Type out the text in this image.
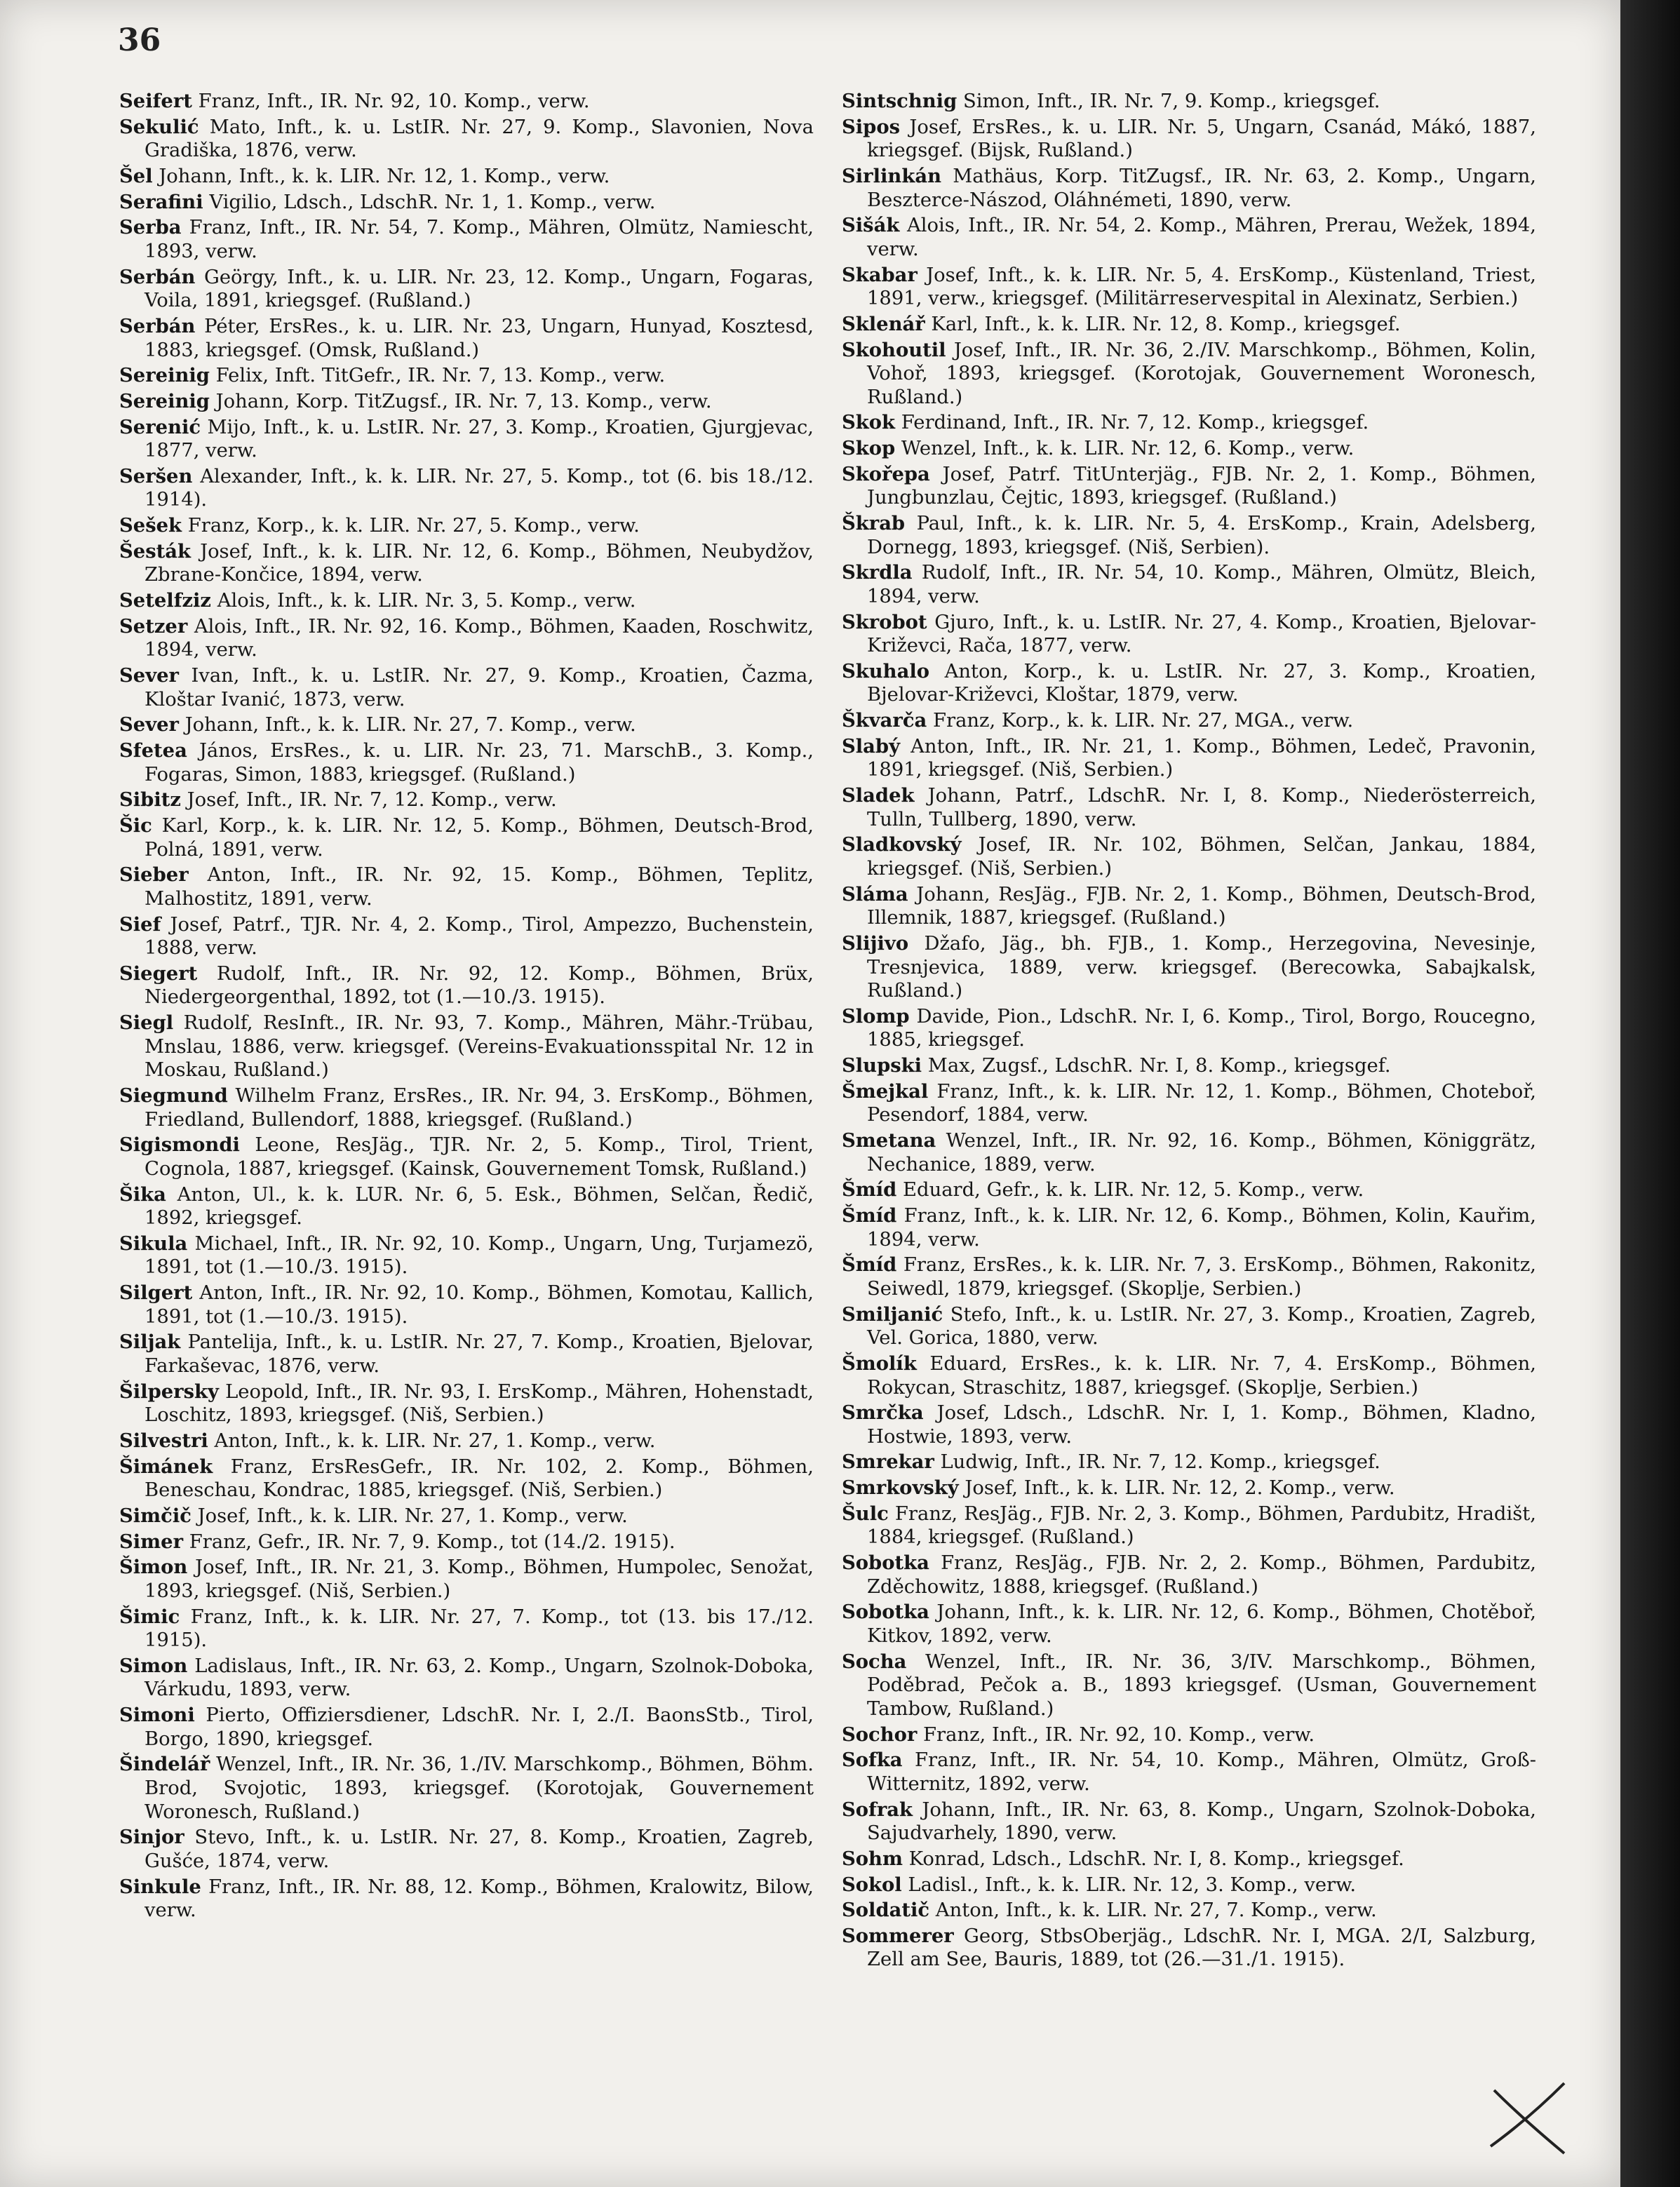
36

Seifert Franz, Inft., IR. Nr. 92, 10. Komp., verw.

Sekulić Mato, Inft., k. u. LstIR. Nr. 27, 9. Komp., Slavonien, Nova Gradiška, 1876, verw.

Šel Johann, Inft., k. k. LIR. Nr. 12, 1. Komp., verw.

Serafini Vigilio, Ldsch., LdschR. Nr. 1, 1. Komp., verw.

Serba Franz, Inft., IR. Nr. 54, 7. Komp., Mähren, Olmütz, Namiescht, 1893, verw.

Serbán Geörgy, Inft., k. u. LIR. Nr. 23, 12. Komp., Ungarn, Fogaras, Voila, 1891, kriegsgef. (Rußland.)

Serbán Péter, ErsRes., k. u. LIR. Nr. 23, Ungarn, Hunyad, Kosztesd, 1883, kriegsgef. (Omsk, Rußland.)

Sereinig Felix, Inft. TitGefr., IR. Nr. 7, 13. Komp., verw.

Sereinig Johann, Korp. TitZugsf., IR. Nr. 7, 13. Komp., verw.

Serenić Mijo, Inft., k. u. LstIR. Nr. 27, 3. Komp., Kroatien, Gjurgjevac, 1877, verw.

Seršen Alexander, Inft., k. k. LIR. Nr. 27, 5. Komp., tot (6. bis 18./12. 1914).

Sešek Franz, Korp., k. k. LIR. Nr. 27, 5. Komp., verw.

Šesták Josef, Inft., k. k. LIR. Nr. 12, 6. Komp., Böhmen, Neubydžov, Zbrane-Končice, 1894, verw.

Setelfziz Alois, Inft., k. k. LIR. Nr. 3, 5. Komp., verw.

Setzer Alois, Inft., IR. Nr. 92, 16. Komp., Böhmen, Kaaden, Roschwitz, 1894, verw.

Sever Ivan, Inft., k. u. LstIR. Nr. 27, 9. Komp., Kroatien, Čazma, Kloštar Ivanić, 1873, verw.

Sever Johann, Inft., k. k. LIR. Nr. 27, 7. Komp., verw.

Sfetea János, ErsRes., k. u. LIR. Nr. 23, 71. MarschB., 3. Komp., Fogaras, Simon, 1883, kriegsgef. (Rußland.)

Sibitz Josef, Inft., IR. Nr. 7, 12. Komp., verw.

Šic Karl, Korp., k. k. LIR. Nr. 12, 5. Komp., Böhmen, Deutsch-Brod, Polná, 1891, verw.

Sieber Anton, Inft., IR. Nr. 92, 15. Komp., Böhmen, Teplitz, Malhostitz, 1891, verw.

Sief Josef, Patrf., TJR. Nr. 4, 2. Komp., Tirol, Ampezzo, Buchenstein, 1888, verw.

Siegert Rudolf, Inft., IR. Nr. 92, 12. Komp., Böhmen, Brüx, Niedergeorgenthal, 1892, tot (1.—10./3. 1915).

Siegl Rudolf, ResInft., IR. Nr. 93, 7. Komp., Mähren, Mähr.-Trübau, Mnslau, 1886, verw. kriegsgef. (Vereins-Evakuationsspital Nr. 12 in Moskau, Rußland.)

Siegmund Wilhelm Franz, ErsRes., IR. Nr. 94, 3. ErsKomp., Böhmen, Friedland, Bullendorf, 1888, kriegsgef. (Rußland.)

Sigismondi Leone, ResJäg., TJR. Nr. 2, 5. Komp., Tirol, Trient, Cognola, 1887, kriegsgef. (Kainsk, Gouvernement Tomsk, Rußland.)

Šika Anton, Ul., k. k. LUR. Nr. 6, 5. Esk., Böhmen, Selčan, Ředič, 1892, kriegsgef.

Sikula Michael, Inft., IR. Nr. 92, 10. Komp., Ungarn, Ung, Turjamezö, 1891, tot (1.—10./3. 1915).

Silgert Anton, Inft., IR. Nr. 92, 10. Komp., Böhmen, Komotau, Kallich, 1891, tot (1.—10./3. 1915).

Siljak Pantelija, Inft., k. u. LstIR. Nr. 27, 7. Komp., Kroatien, Bjelovar, Farkaševac, 1876, verw.

Šilpersky Leopold, Inft., IR. Nr. 93, I. ErsKomp., Mähren, Hohenstadt, Loschitz, 1893, kriegsgef. (Niš, Serbien.)

Silvestri Anton, Inft., k. k. LIR. Nr. 27, 1. Komp., verw.

Šimánek Franz, ErsResGefr., IR. Nr. 102, 2. Komp., Böhmen, Beneschau, Kondrac, 1885, kriegsgef. (Niš, Serbien.)

Simčič Josef, Inft., k. k. LIR. Nr. 27, 1. Komp., verw.

Simer Franz, Gefr., IR. Nr. 7, 9. Komp., tot (14./2. 1915).

Šimon Josef, Inft., IR. Nr. 21, 3. Komp., Böhmen, Humpolec, Senožat, 1893, kriegsgef. (Niš, Serbien.)

Šimic Franz, Inft., k. k. LIR. Nr. 27, 7. Komp., tot (13. bis 17./12. 1915).

Simon Ladislaus, Inft., IR. Nr. 63, 2. Komp., Ungarn, Szolnok-Doboka, Várkudu, 1893, verw.

Simoni Pierto, Offiziersdiener, LdschR. Nr. I, 2./I. BaonsStb., Tirol, Borgo, 1890, kriegsgef.

Šindelář Wenzel, Inft., IR. Nr. 36, 1./IV. Marschkomp., Böhmen, Böhm. Brod, Svojotic, 1893, kriegsgef. (Korotojak, Gouvernement Woronesch, Rußland.)

Sinjor Stevo, Inft., k. u. LstIR. Nr. 27, 8. Komp., Kroatien, Zagreb, Gušće, 1874, verw.

Sinkule Franz, Inft., IR. Nr. 88, 12. Komp., Böhmen, Kralowitz, Bilow, verw.

Sintschnig Simon, Inft., IR. Nr. 7, 9. Komp., kriegsgef.

Sipos Josef, ErsRes., k. u. LIR. Nr. 5, Ungarn, Csanád, Mákó, 1887, kriegsgef. (Bijsk, Rußland.)

Sirlinkán Mathäus, Korp. TitZugsf., IR. Nr. 63, 2. Komp., Ungarn, Beszterce-Nászod, Oláhnémeti, 1890, verw.

Sišák Alois, Inft., IR. Nr. 54, 2. Komp., Mähren, Prerau, Wežek, 1894, verw.

Skabar Josef, Inft., k. k. LIR. Nr. 5, 4. ErsKomp., Küstenland, Triest, 1891, verw., kriegsgef. (Militärreservespital in Alexinatz, Serbien.)

Sklenář Karl, Inft., k. k. LIR. Nr. 12, 8. Komp., kriegsgef.

Skohoutil Josef, Inft., IR. Nr. 36, 2./IV. Marschkomp., Böhmen, Kolin, Vohoř, 1893, kriegsgef. (Korotojak, Gouvernement Woronesch, Rußland.)

Skok Ferdinand, Inft., IR. Nr. 7, 12. Komp., kriegsgef.

Skop Wenzel, Inft., k. k. LIR. Nr. 12, 6. Komp., verw.

Skořepa Josef, Patrf. TitUnterjäg., FJB. Nr. 2, 1. Komp., Böhmen, Jungbunzlau, Čejtic, 1893, kriegsgef. (Rußland.)

Škrab Paul, Inft., k. k. LIR. Nr. 5, 4. ErsKomp., Krain, Adelsberg, Dornegg, 1893, kriegsgef. (Niš, Serbien).

Skrdla Rudolf, Inft., IR. Nr. 54, 10. Komp., Mähren, Olmütz, Bleich, 1894, verw.

Skrobot Gjuro, Inft., k. u. LstIR. Nr. 27, 4. Komp., Kroatien, Bjelovar-Križevci, Rača, 1877, verw.

Skuhalo Anton, Korp., k. u. LstIR. Nr. 27, 3. Komp., Kroatien, Bjelovar-Križevci, Kloštar, 1879, verw.

Škvarča Franz, Korp., k. k. LIR. Nr. 27, MGA., verw.

Slabý Anton, Inft., IR. Nr. 21, 1. Komp., Böhmen, Ledeč, Pravonin, 1891, kriegsgef. (Niš, Serbien.)

Sladek Johann, Patrf., LdschR. Nr. I, 8. Komp., Niederösterreich, Tulln, Tullberg, 1890, verw.

Sladkovský Josef, IR. Nr. 102, Böhmen, Selčan, Jankau, 1884, kriegsgef. (Niš, Serbien.)

Sláma Johann, ResJäg., FJB. Nr. 2, 1. Komp., Böhmen, Deutsch-Brod, Illemnik, 1887, kriegsgef. (Rußland.)

Slijivo Džafo, Jäg., bh. FJB., 1. Komp., Herzegovina, Nevesinje, Tresnjevica, 1889, verw. kriegsgef. (Berecowka, Sabajkalsk, Rußland.)

Slomp Davide, Pion., LdschR. Nr. I, 6. Komp., Tirol, Borgo, Roucegno, 1885, kriegsgef.

Slupski Max, Zugsf., LdschR. Nr. I, 8. Komp., kriegsgef.

Šmejkal Franz, Inft., k. k. LIR. Nr. 12, 1. Komp., Böhmen, Chotebоř, Pesendorf, 1884, verw.

Smetana Wenzel, Inft., IR. Nr. 92, 16. Komp., Böhmen, Königgrätz, Nechanice, 1889, verw.

Šmíd Eduard, Gefr., k. k. LIR. Nr. 12, 5. Komp., verw.

Šmíd Franz, Inft., k. k. LIR. Nr. 12, 6. Komp., Böhmen, Kolin, Kauřim, 1894, verw.

Šmíd Franz, ErsRes., k. k. LIR. Nr. 7, 3. ErsKomp., Böhmen, Rakonitz, Seiwedl, 1879, kriegsgef. (Skoplje, Serbien.)

Smiljanić Stefo, Inft., k. u. LstIR. Nr. 27, 3. Komp., Kroatien, Zagreb, Vel. Gorica, 1880, verw.

Šmolík Eduard, ErsRes., k. k. LIR. Nr. 7, 4. ErsKomp., Böhmen, Rokycan, Straschitz, 1887, kriegsgef. (Skoplje, Serbien.)

Smrčka Josef, Ldsch., LdschR. Nr. I, 1. Komp., Böhmen, Kladno, Hostwie, 1893, verw.

Smrekar Ludwig, Inft., IR. Nr. 7, 12. Komp., kriegsgef.

Smrkovský Josef, Inft., k. k. LIR. Nr. 12, 2. Komp., verw.

Šulc Franz, ResJäg., FJB. Nr. 2, 3. Komp., Böhmen, Pardubitz, Hradišt, 1884, kriegsgef. (Rußland.)

Sobotka Franz, ResJäg., FJB. Nr. 2, 2. Komp., Böhmen, Pardubitz, Zděchowitz, 1888, kriegsgef. (Rußland.)

Sobotka Johann, Inft., k. k. LIR. Nr. 12, 6. Komp., Böhmen, Chotěboř, Kitkov, 1892, verw.

Socha Wenzel, Inft., IR. Nr. 36, 3/IV. Marschkomp., Böhmen, Poděbrad, Pečok a. B., 1893 kriegsgef. (Usman, Gouvernement Tambow, Rußland.)

Sochor Franz, Inft., IR. Nr. 92, 10. Komp., verw.

Sofka Franz, Inft., IR. Nr. 54, 10. Komp., Mähren, Olmütz, Groß-Witternitz, 1892, verw.

Sofrak Johann, Inft., IR. Nr. 63, 8. Komp., Ungarn, Szolnok-Doboka, Sajudvarhely, 1890, verw.

Sohm Konrad, Ldsch., LdschR. Nr. I, 8. Komp., kriegsgef.

Sokol Ladisl., Inft., k. k. LIR. Nr. 12, 3. Komp., verw.

Soldatič Anton, Inft., k. k. LIR. Nr. 27, 7. Komp., verw.

Sommerer Georg, StbsOberjäg., LdschR. Nr. I, MGA. 2/I, Salzburg, Zell am See, Bauris, 1889, tot (26.—31./1. 1915).
